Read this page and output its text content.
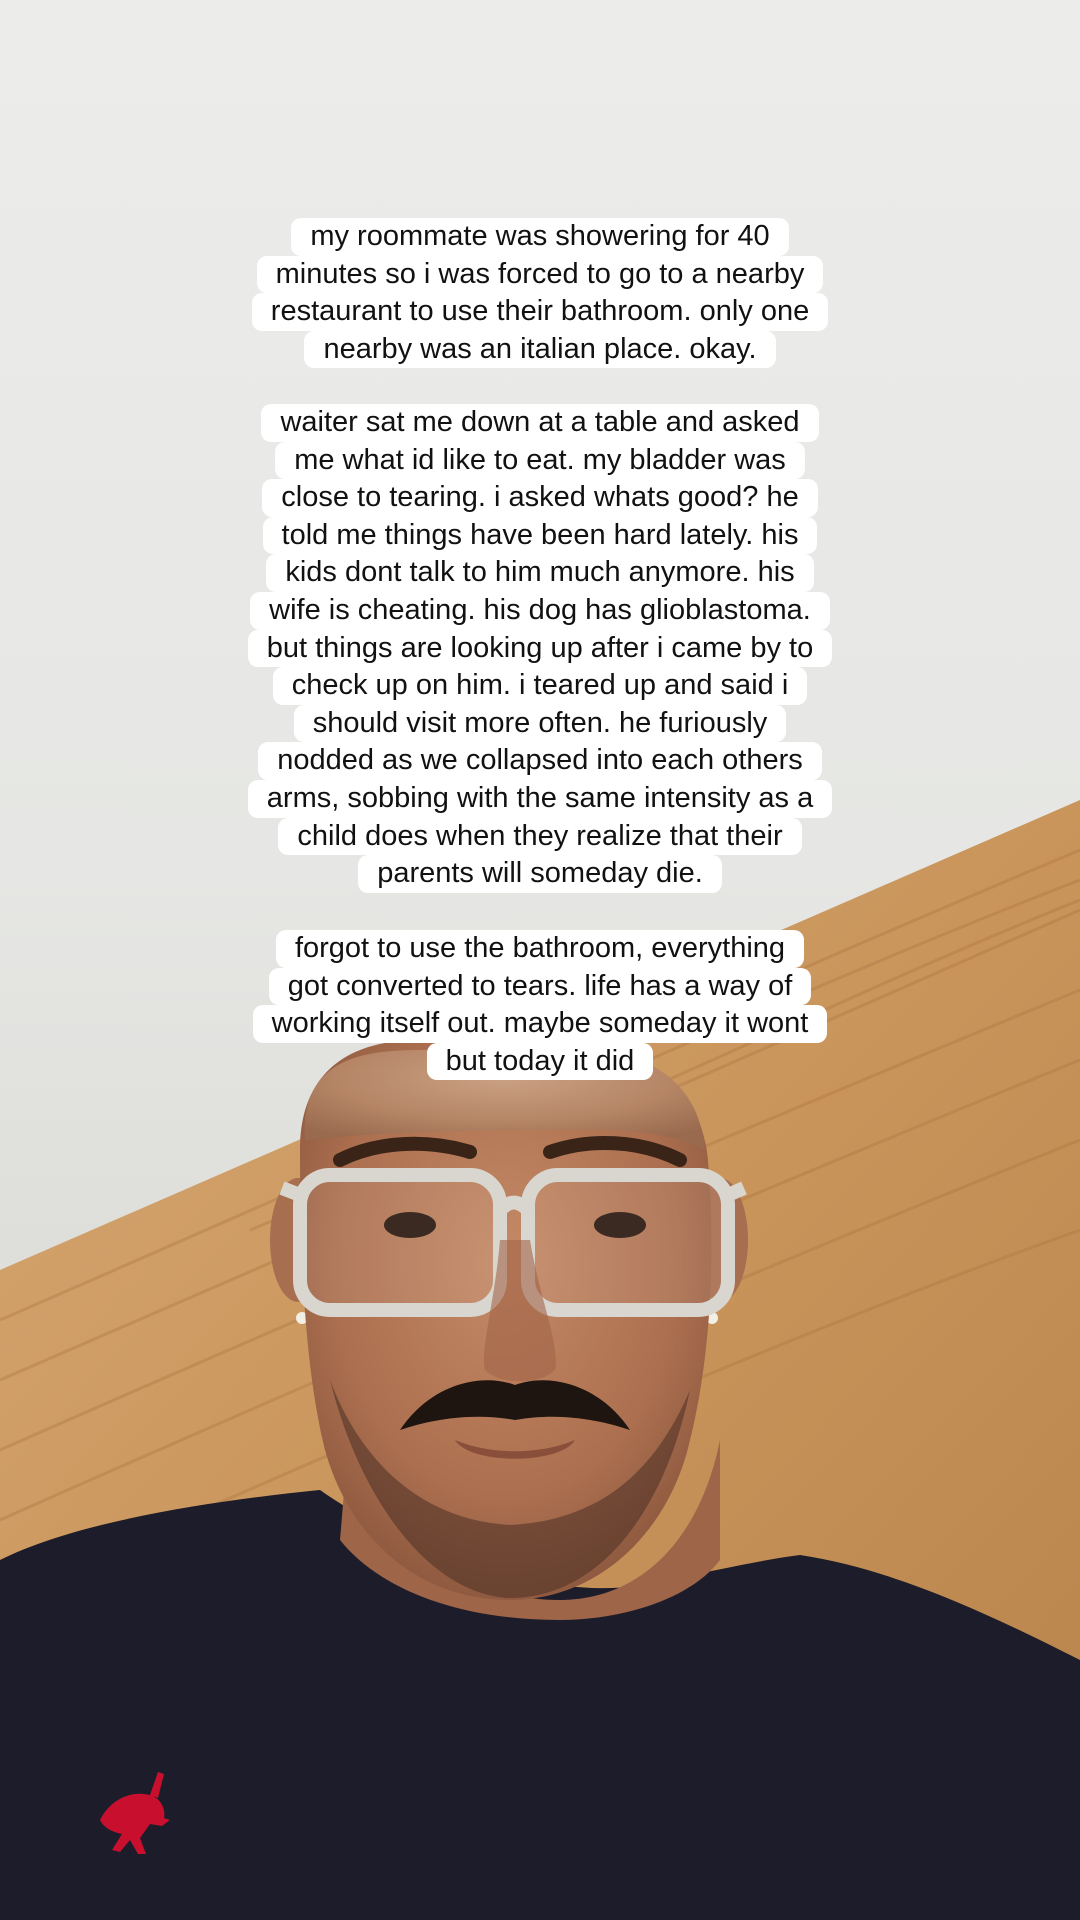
my roommate was showering for 40
minutes so i was forced to go to a nearby
restaurant to use their bathroom. only one
nearby was an italian place. okay.
waiter sat me down at a table and asked
me what id like to eat. my bladder was
close to tearing. i asked whats good? he
told me things have been hard lately. his
kids dont talk to him much anymore. his
wife is cheating. his dog has glioblastoma.
but things are looking up after i came by to
check up on him. i teared up and said i
should visit more often. he furiously
nodded as we collapsed into each others
arms, sobbing with the same intensity as a
child does when they realize that their
parents will someday die.
forgot to use the bathroom, everything
got converted to tears. life has a way of
working itself out. maybe someday it wont
but today it did
